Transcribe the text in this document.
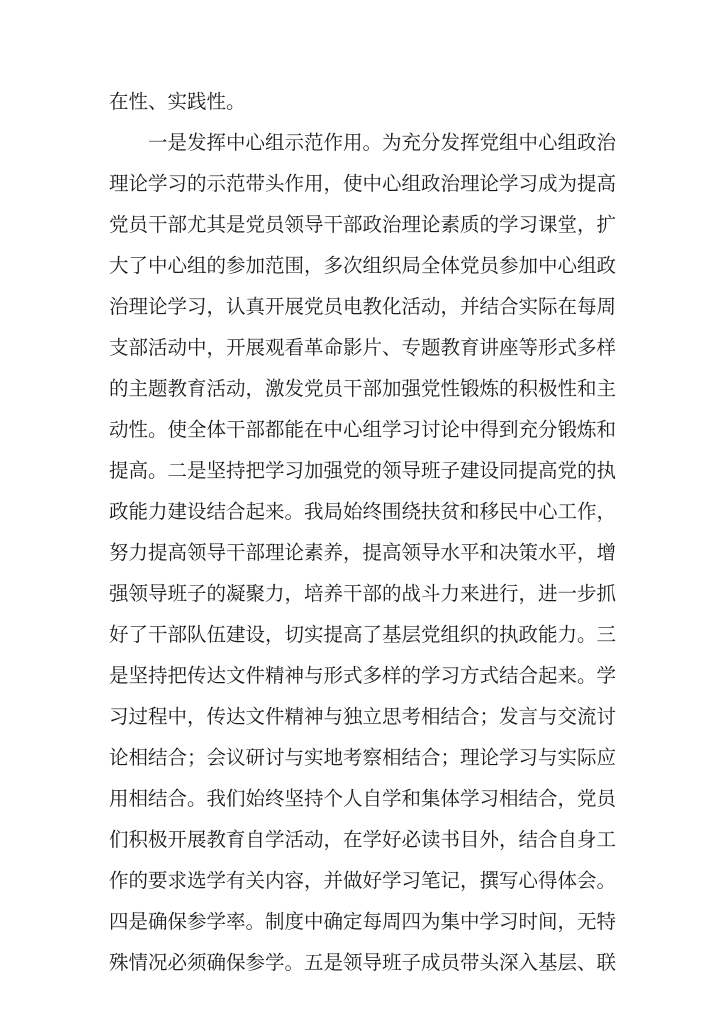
在性、实践性。
一是发挥中心组示范作用。为充分发挥党组中心组政治
理论学习的示范带头作用，使中心组政治理论学习成为提高
党员干部尤其是党员领导干部政治理论素质的学习课堂，扩
大了中心组的参加范围，多次组织局全体党员参加中心组政
治理论学习，认真开展党员电教化活动，并结合实际在每周
支部活动中，开展观看革命影片、专题教育讲座等形式多样
的主题教育活动，激发党员干部加强党性锻炼的积极性和主
动性。使全体干部都能在中心组学习讨论中得到充分锻炼和
提高。二是坚持把学习加强党的领导班子建设同提高党的执
政能力建设结合起来。我局始终围绕扶贫和移民中心工作，
努力提高领导干部理论素养，提高领导水平和决策水平，增
强领导班子的凝聚力，培养干部的战斗力来进行，进一步抓
好了干部队伍建设，切实提高了基层党组织的执政能力。三
是坚持把传达文件精神与形式多样的学习方式结合起来。学
习过程中，传达文件精神与独立思考相结合；发言与交流讨
论相结合；会议研讨与实地考察相结合；理论学习与实际应
用相结合。我们始终坚持个人自学和集体学习相结合，党员
们积极开展教育自学活动，在学好必读书目外，结合自身工
作的要求选学有关内容，并做好学习笔记，撰写心得体会。
四是确保参学率。制度中确定每周四为集中学习时间，无特
殊情况必须确保参学。五是领导班子成员带头深入基层、联
